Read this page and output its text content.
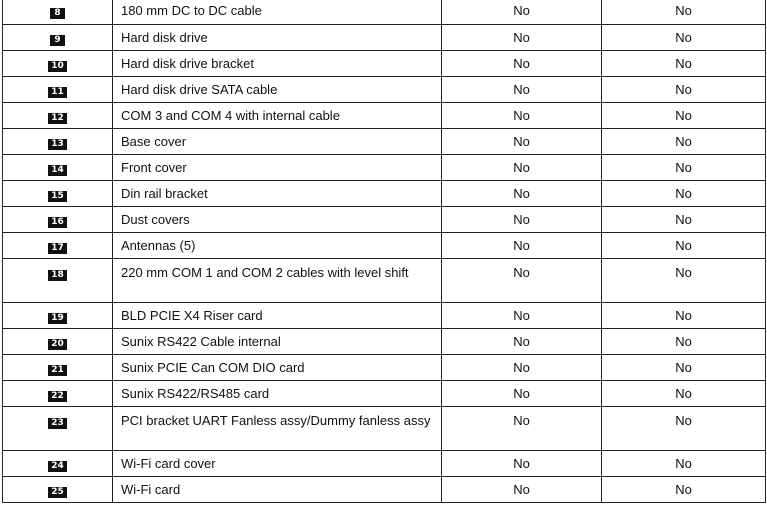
8	180 mm DC to DC cable	No	No
9	Hard disk drive	No	No
10	Hard disk drive bracket	No	No
11	Hard disk drive SATA cable	No	No
12	COM 3 and COM 4 with internal cable	No	No
13	Base cover	No	No
14	Front cover	No	No
15	Din rail bracket	No	No
16	Dust covers	No	No
17	Antennas (5)	No	No
18	220 mm COM 1 and COM 2 cables with level shift	No	No
19	BLD PCIE X4 Riser card	No	No
20	Sunix RS422 Cable internal	No	No
21	Sunix PCIE Can COM DIO card	No	No
22	Sunix RS422/RS485 card	No	No
23	PCI bracket UART Fanless assy/Dummy fanless assy	No	No
24	Wi-Fi card cover	No	No
25	Wi-Fi card	No	No
